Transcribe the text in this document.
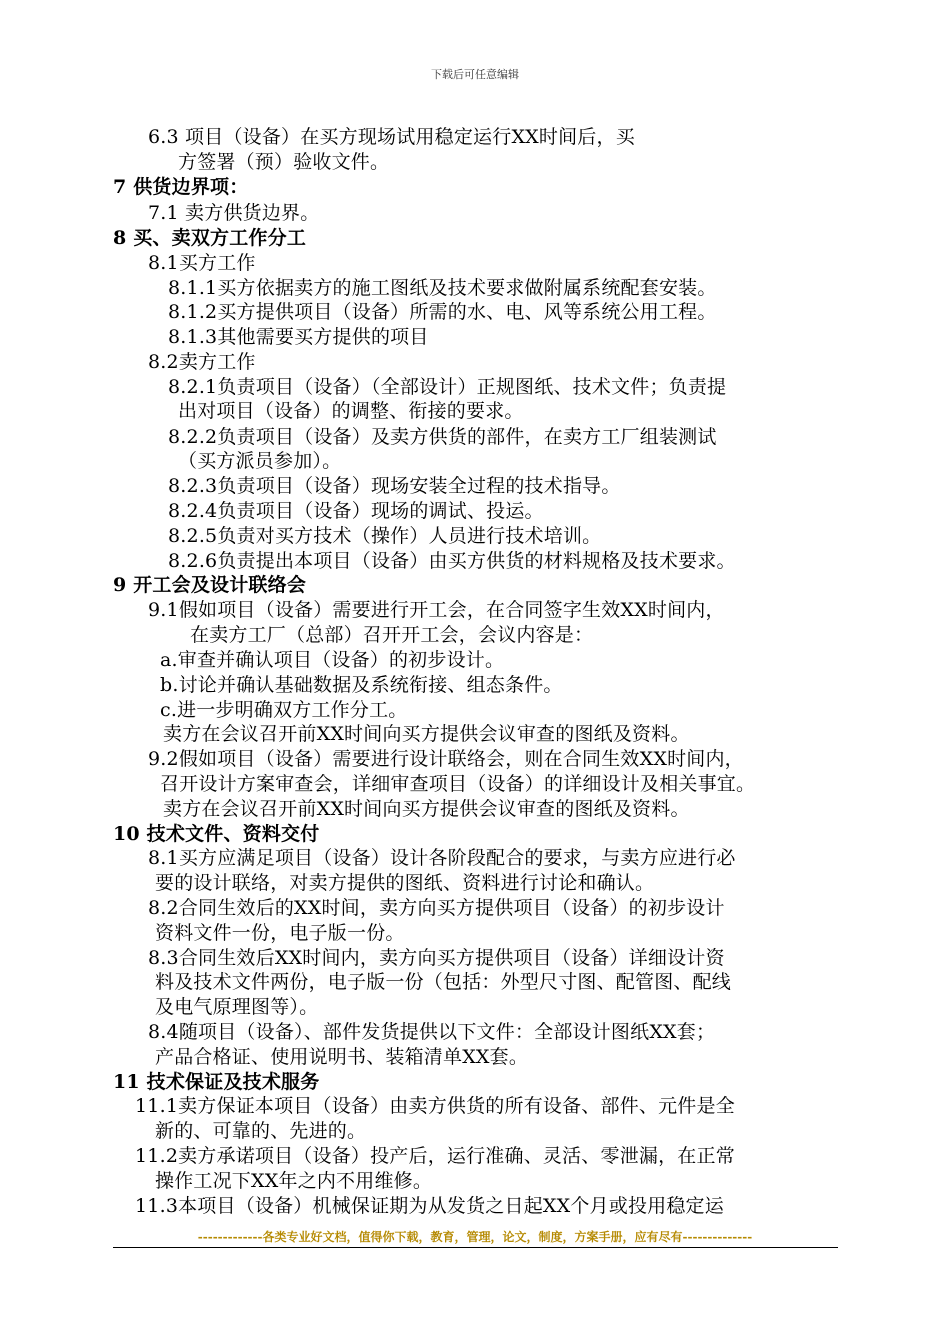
下载后可任意编辑
6.3 项目（设备）在买方现场试用稳定运行XX时间后，买
方签署（预）验收文件。
7 供货边界项：
7.1 卖方供货边界。
8 买、卖双方工作分工
8.1买方工作
8.1.1买方依据卖方的施工图纸及技术要求做附属系统配套安装。
8.1.2买方提供项目（设备）所需的水、电、风等系统公用工程。
8.1.3其他需要买方提供的项目
8.2卖方工作
8.2.1负责项目（设备）（全部设计）正规图纸、技术文件；负责提
出对项目（设备）的调整、衔接的要求。
8.2.2负责项目（设备）及卖方供货的部件，在卖方工厂组装测试
（买方派员参加）。
8.2.3负责项目（设备）现场安装全过程的技术指导。
8.2.4负责项目（设备）现场的调试、投运。
8.2.5负责对买方技术（操作）人员进行技术培训。
8.2.6负责提出本项目（设备）由买方供货的材料规格及技术要求。
9 开工会及设计联络会
9.1假如项目（设备）需要进行开工会，在合同签字生效XX时间内，
在卖方工厂（总部）召开开工会，会议内容是：
a.审查并确认项目（设备）的初步设计。
b.讨论并确认基础数据及系统衔接、组态条件。
c.进一步明确双方工作分工。
卖方在会议召开前XX时间向买方提供会议审查的图纸及资料。
9.2假如项目（设备）需要进行设计联络会，则在合同生效XX时间内，
召开设计方案审查会，详细审查项目（设备）的详细设计及相关事宜。
卖方在会议召开前XX时间向买方提供会议审查的图纸及资料。
10 技术文件、资料交付
8.1买方应满足项目（设备）设计各阶段配合的要求，与卖方应进行必
要的设计联络，对卖方提供的图纸、资料进行讨论和确认。
8.2合同生效后的XX时间，卖方向买方提供项目（设备）的初步设计
资料文件一份，电子版一份。
8.3合同生效后XX时间内，卖方向买方提供项目（设备）详细设计资
料及技术文件两份，电子版一份（包括：外型尺寸图、配管图、配线
及电气原理图等）。
8.4随项目（设备）、部件发货提供以下文件：全部设计图纸XX套；
产品合格证、使用说明书、装箱清单XX套。
11 技术保证及技术服务
11.1卖方保证本项目（设备）由卖方供货的所有设备、部件、元件是全
新的、可靠的、先进的。
11.2卖方承诺项目（设备）投产后，运行准确、灵活、零泄漏，在正常
操作工况下XX年之内不用维修。
11.3本项目（设备）机械保证期为从发货之日起XX个月或投用稳定运
-------------各类专业好文档，值得你下载，教育，管理，论文，制度，方案手册，应有尽有--------------
